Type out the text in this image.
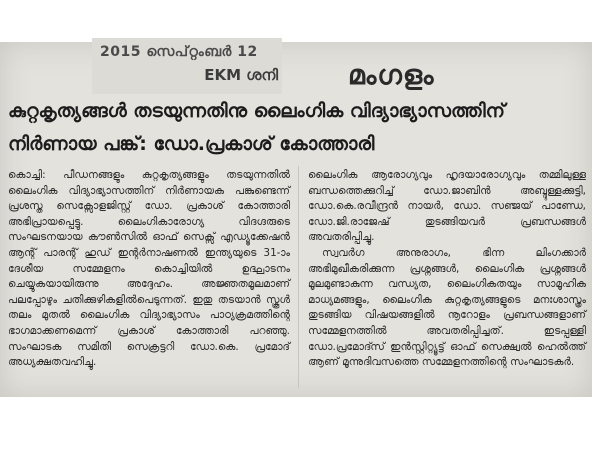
2015 സെപ്റ്റംബർ 12
EKM ശനി	മംഗളം
കുറ്റകൃത്യങ്ങൾ തടയുന്നതിനു ലൈംഗിക വിദ്യാഭ്യാസത്തിന്
നിർണായ പങ്ക്: ഡോ.പ്രകാശ് കോത്താരി

കൊച്ചി: പീഡനങ്ങളും കുറ്റകൃത്യങ്ങളും തടയുന്നതിൽ ലൈംഗിക വിദ്യാഭ്യാസത്തിന് നിർണായക പങ്കുണ്ടെന്ന് പ്രശസ്ത സെക്സോളജിസ്റ്റ് ഡോ. പ്രകാശ് കോത്താരി അഭിപ്രായപ്പെട്ടു. ലൈംഗികാരോഗ്യ വിദഗ്ദരുടെ സംഘടനയായ കൗൺസിൽ ഓഫ് സെക്സ് എഡ്യൂക്കേഷൻ ആന്റ് പാരന്റ് ഹുഡ് ഇന്റർനാഷണൽ ഇന്ത്യയുടെ 31-ാം ദേശീയ സമ്മേളനം കൊച്ചിയിൽ ഉദ്ഘാടനം ചെയ്യുകയായിരുന്നു അദ്ദേഹം. അജ്ഞതമൂലമാണ് പലപ്പോഴും ചതിക്കുഴികളിൽപെടുന്നത്. ഇതു തടയാൻ സ്കൂൾ തലം മുതൽ ലൈംഗിക വിദ്യാഭ്യാസം പാഠ്യക്രമത്തിന്റെ ഭാഗമാക്കണമെന്ന് പ്രകാശ് കോത്താരി പറഞ്ഞു. സംഘാടക സമിതി സെക്രട്ടറി ഡോ.കെ. പ്രമോദ് അധ്യക്ഷതവഹിച്ചു.

ലൈംഗിക ആരോഗ്യവും ഹൃദയാരോഗ്യവും തമ്മിലുള്ള ബന്ധത്തെക്കുറിച്ച് ഡോ.ജാബിൻ അബ്ദുള്ളക്കുട്ടി, ഡോ.കെ.രവീന്ദ്രൻ നായർ, ഡോ. സഞ്ജയ് പാണ്ഡേ, ഡോ.ജി.രാജേഷ് തുടങ്ങിയവർ പ്രബന്ധങ്ങൾ അവതരിപ്പിച്ചു.

സ്വവർഗ അനുരാഗം, ഭിന്ന ലിംഗക്കാർ അഭിമുഖീകരിക്കുന്ന പ്രശ്നങ്ങൾ, ലൈംഗിക പ്രശ്നങ്ങൾ മൂലമുണ്ടാകുന്ന വന്ധ്യത, ലൈംഗികതയും സാമൂഹിക മാധ്യമങ്ങളും, ലൈംഗിക കുറ്റകൃത്യങ്ങളുടെ മനഃശാസ്ത്രം തുടങ്ങിയ വിഷയങ്ങളിൽ നൂറോളം പ്രബന്ധങ്ങളാണ് സമ്മേളനത്തിൽ അവതരിപ്പിച്ചത്. ഇടപ്പള്ളി ഡോ.പ്രമോദ്സ് ഇൻസ്റ്റിറ്റ്യൂട്ട് ഓഫ് സെക്ഷ്വൽ ഹെൽത്ത് ആണ് മൂന്നുദിവസത്തെ സമ്മേളനത്തിന്റെ സംഘാടകർ.
